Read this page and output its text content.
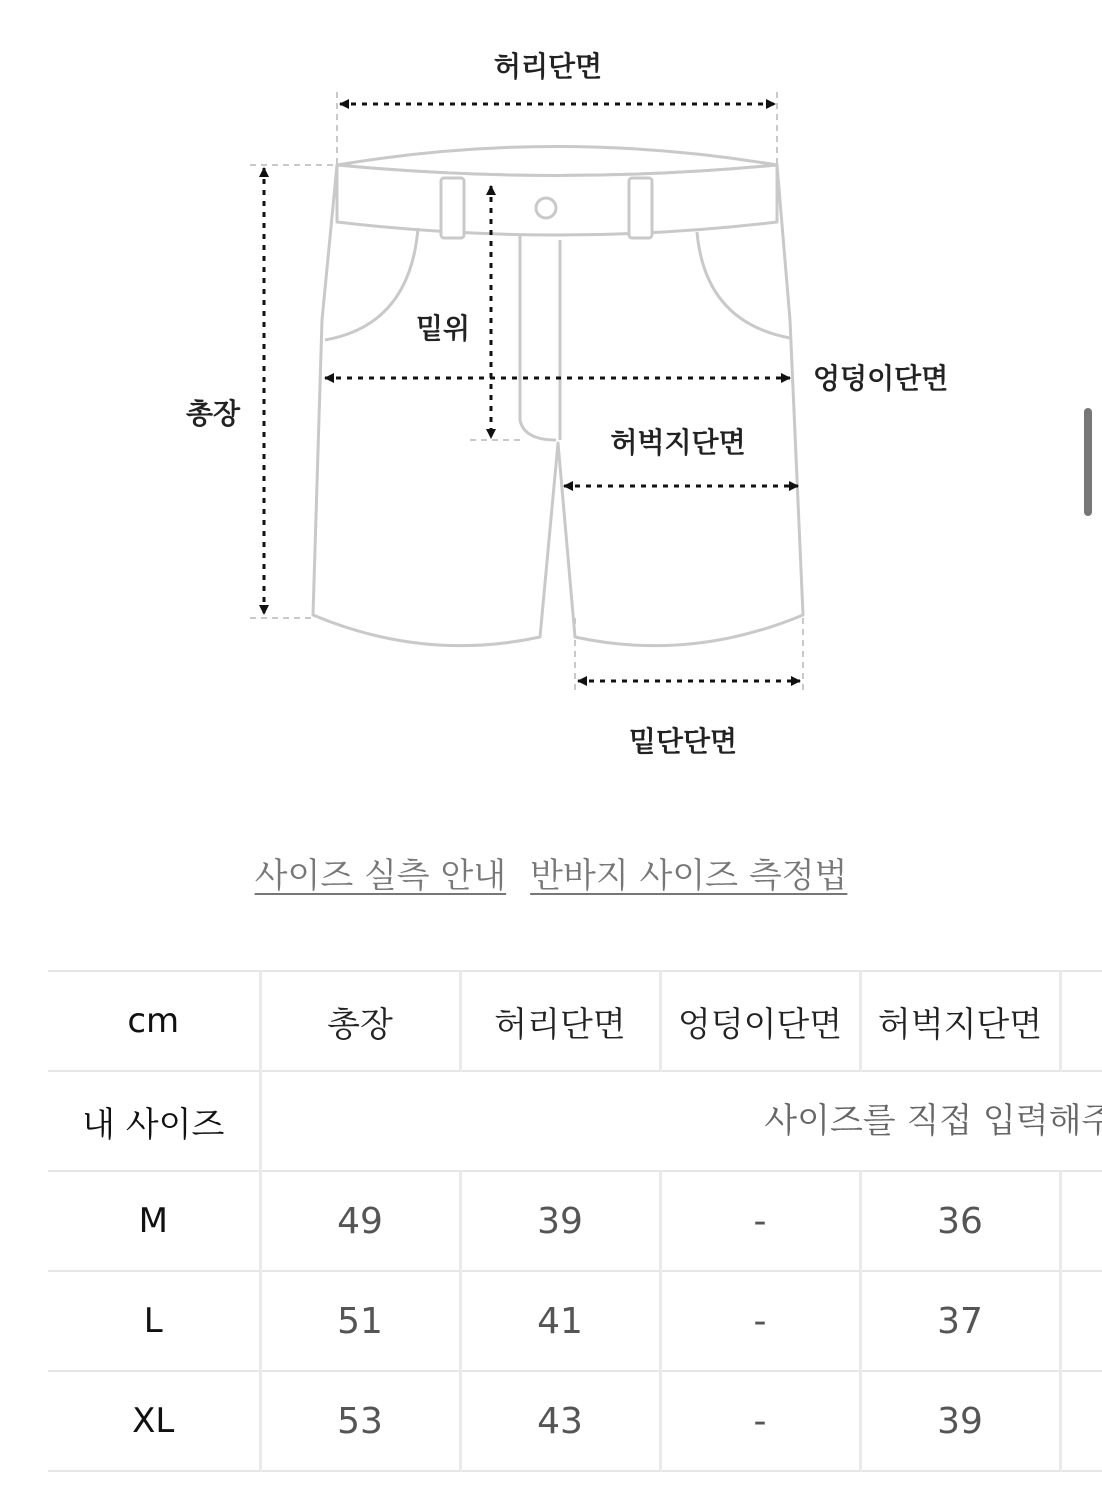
허리단면
총장
밑위
엉덩이단면
허벅지단면
밑단단면
사이즈 실측 안내 반바지 사이즈 측정법
cm	총장	허리단면	엉덩이단면	허벅지단면	
내 사이즈	사이즈를 직접 입력해주세요
M	49	39	-	36	
L	51	41	-	37	
XL	53	43	-	39	
